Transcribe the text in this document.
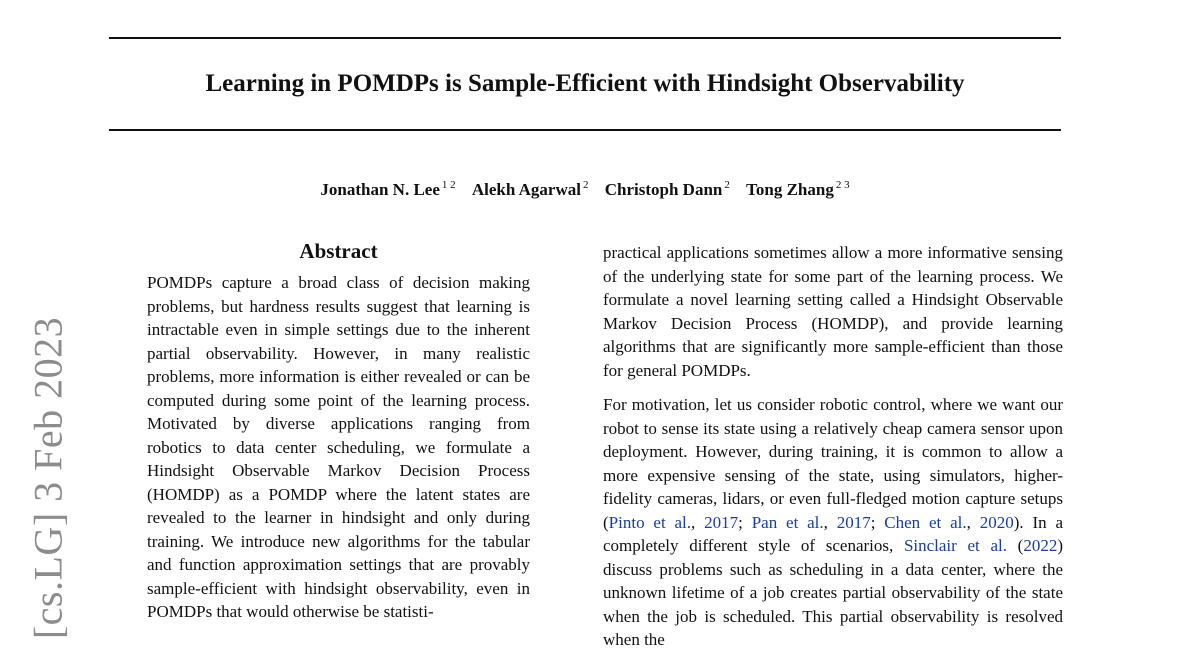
Learning in POMDPs is Sample-Efficient with Hindsight Observability
Jonathan N. Lee $^{1 2}$ Alekh Agarwal $^2$ Christoph Dann $^2$ Tong Zhang $^{2 3}$
[cs.LG] 3 Feb 2023
Abstract

POMDPs capture a broad class of decision making problems, but hardness results suggest that learning is intractable even in simple settings due to the inherent partial observability. However, in many realistic problems, more information is either revealed or can be computed during some point of the learning process. Motivated by diverse applications ranging from robotics to data center scheduling, we formulate a Hindsight Observable Markov Decision Process (HOMDP) as a POMDP where the latent states are revealed to the learner in hindsight and only during training. We introduce new algorithms for the tabular and function approximation settings that are provably sample-efficient with hindsight observability, even in POMDPs that would otherwise be statisti-

practical applications sometimes allow a more informative sensing of the underlying state for some part of the learning process. We formulate a novel learning setting called a Hindsight Observable Markov Decision Process (HOMDP), and provide learning algorithms that are significantly more sample-efficient than those for general POMDPs.

For motivation, let us consider robotic control, where we want our robot to sense its state using a relatively cheap camera sensor upon deployment. However, during training, it is common to allow a more expensive sensing of the state, using simulators, higher-fidelity cameras, lidars, or even full-fledged motion capture setups (Pinto et al., 2017; Pan et al., 2017; Chen et al., 2020). In a completely different style of scenarios, Sinclair et al. (2022) discuss problems such as scheduling in a data center, where the unknown lifetime of a job creates partial observability of the state when the job is scheduled. This partial observability is resolved when the
